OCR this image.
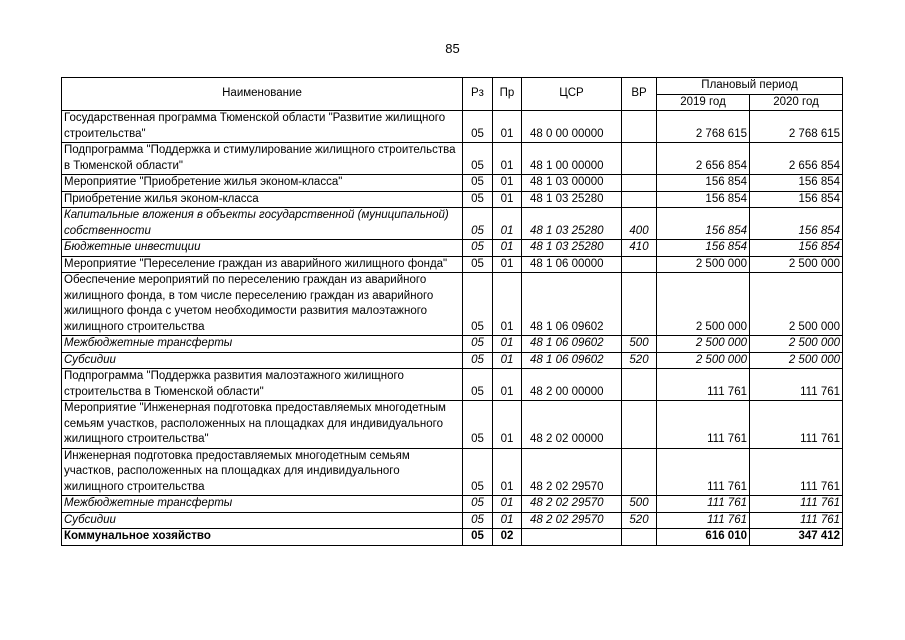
85
Наименование	Рз	Пр	ЦСР	ВР	Плановый период	
					2019 год	2020 год
Государственная программа Тюменской области "Развитие жилищного строительства"	05	01	48 0 00 00000		2 768 615	2 768 615
Подпрограмма "Поддержка и стимулирование жилищного строительства в Тюменской области"	05	01	48 1 00 00000		2 656 854	2 656 854
Мероприятие "Приобретение жилья эконом-класса"	05	01	48 1 03 00000		156 854	156 854
Приобретение жилья эконом-класса	05	01	48 1 03 25280		156 854	156 854
Капитальные вложения в объекты государственной (муниципальной) собственности	05	01	48 1 03 25280	400	156 854	156 854
Бюджетные инвестиции	05	01	48 1 03 25280	410	156 854	156 854
Мероприятие "Переселение граждан из аварийного жилищного фонда"	05	01	48 1 06 00000		2 500 000	2 500 000
Обеспечение мероприятий по переселению граждан из аварийного жилищного фонда, в том числе переселению граждан из аварийного жилищного фонда с учетом необходимости развития малоэтажного жилищного строительства	05	01	48 1 06 09602		2 500 000	2 500 000
Межбюджетные трансферты	05	01	48 1 06 09602	500	2 500 000	2 500 000
Субсидии	05	01	48 1 06 09602	520	2 500 000	2 500 000
Подпрограмма "Поддержка развития малоэтажного жилищного строительства в Тюменской области"	05	01	48 2 00 00000		111 761	111 761
Мероприятие "Инженерная подготовка предоставляемых многодетным семьям участков, расположенных на площадках для индивидуального жилищного строительства"	05	01	48 2 02 00000		111 761	111 761
Инженерная подготовка предоставляемых многодетным семьям участков, расположенных на площадках для индивидуального жилищного строительства	05	01	48 2 02 29570		111 761	111 761
Межбюджетные трансферты	05	01	48 2 02 29570	500	111 761	111 761
Субсидии	05	01	48 2 02 29570	520	111 761	111 761
Коммунальное хозяйство	05	02			616 010	347 412
